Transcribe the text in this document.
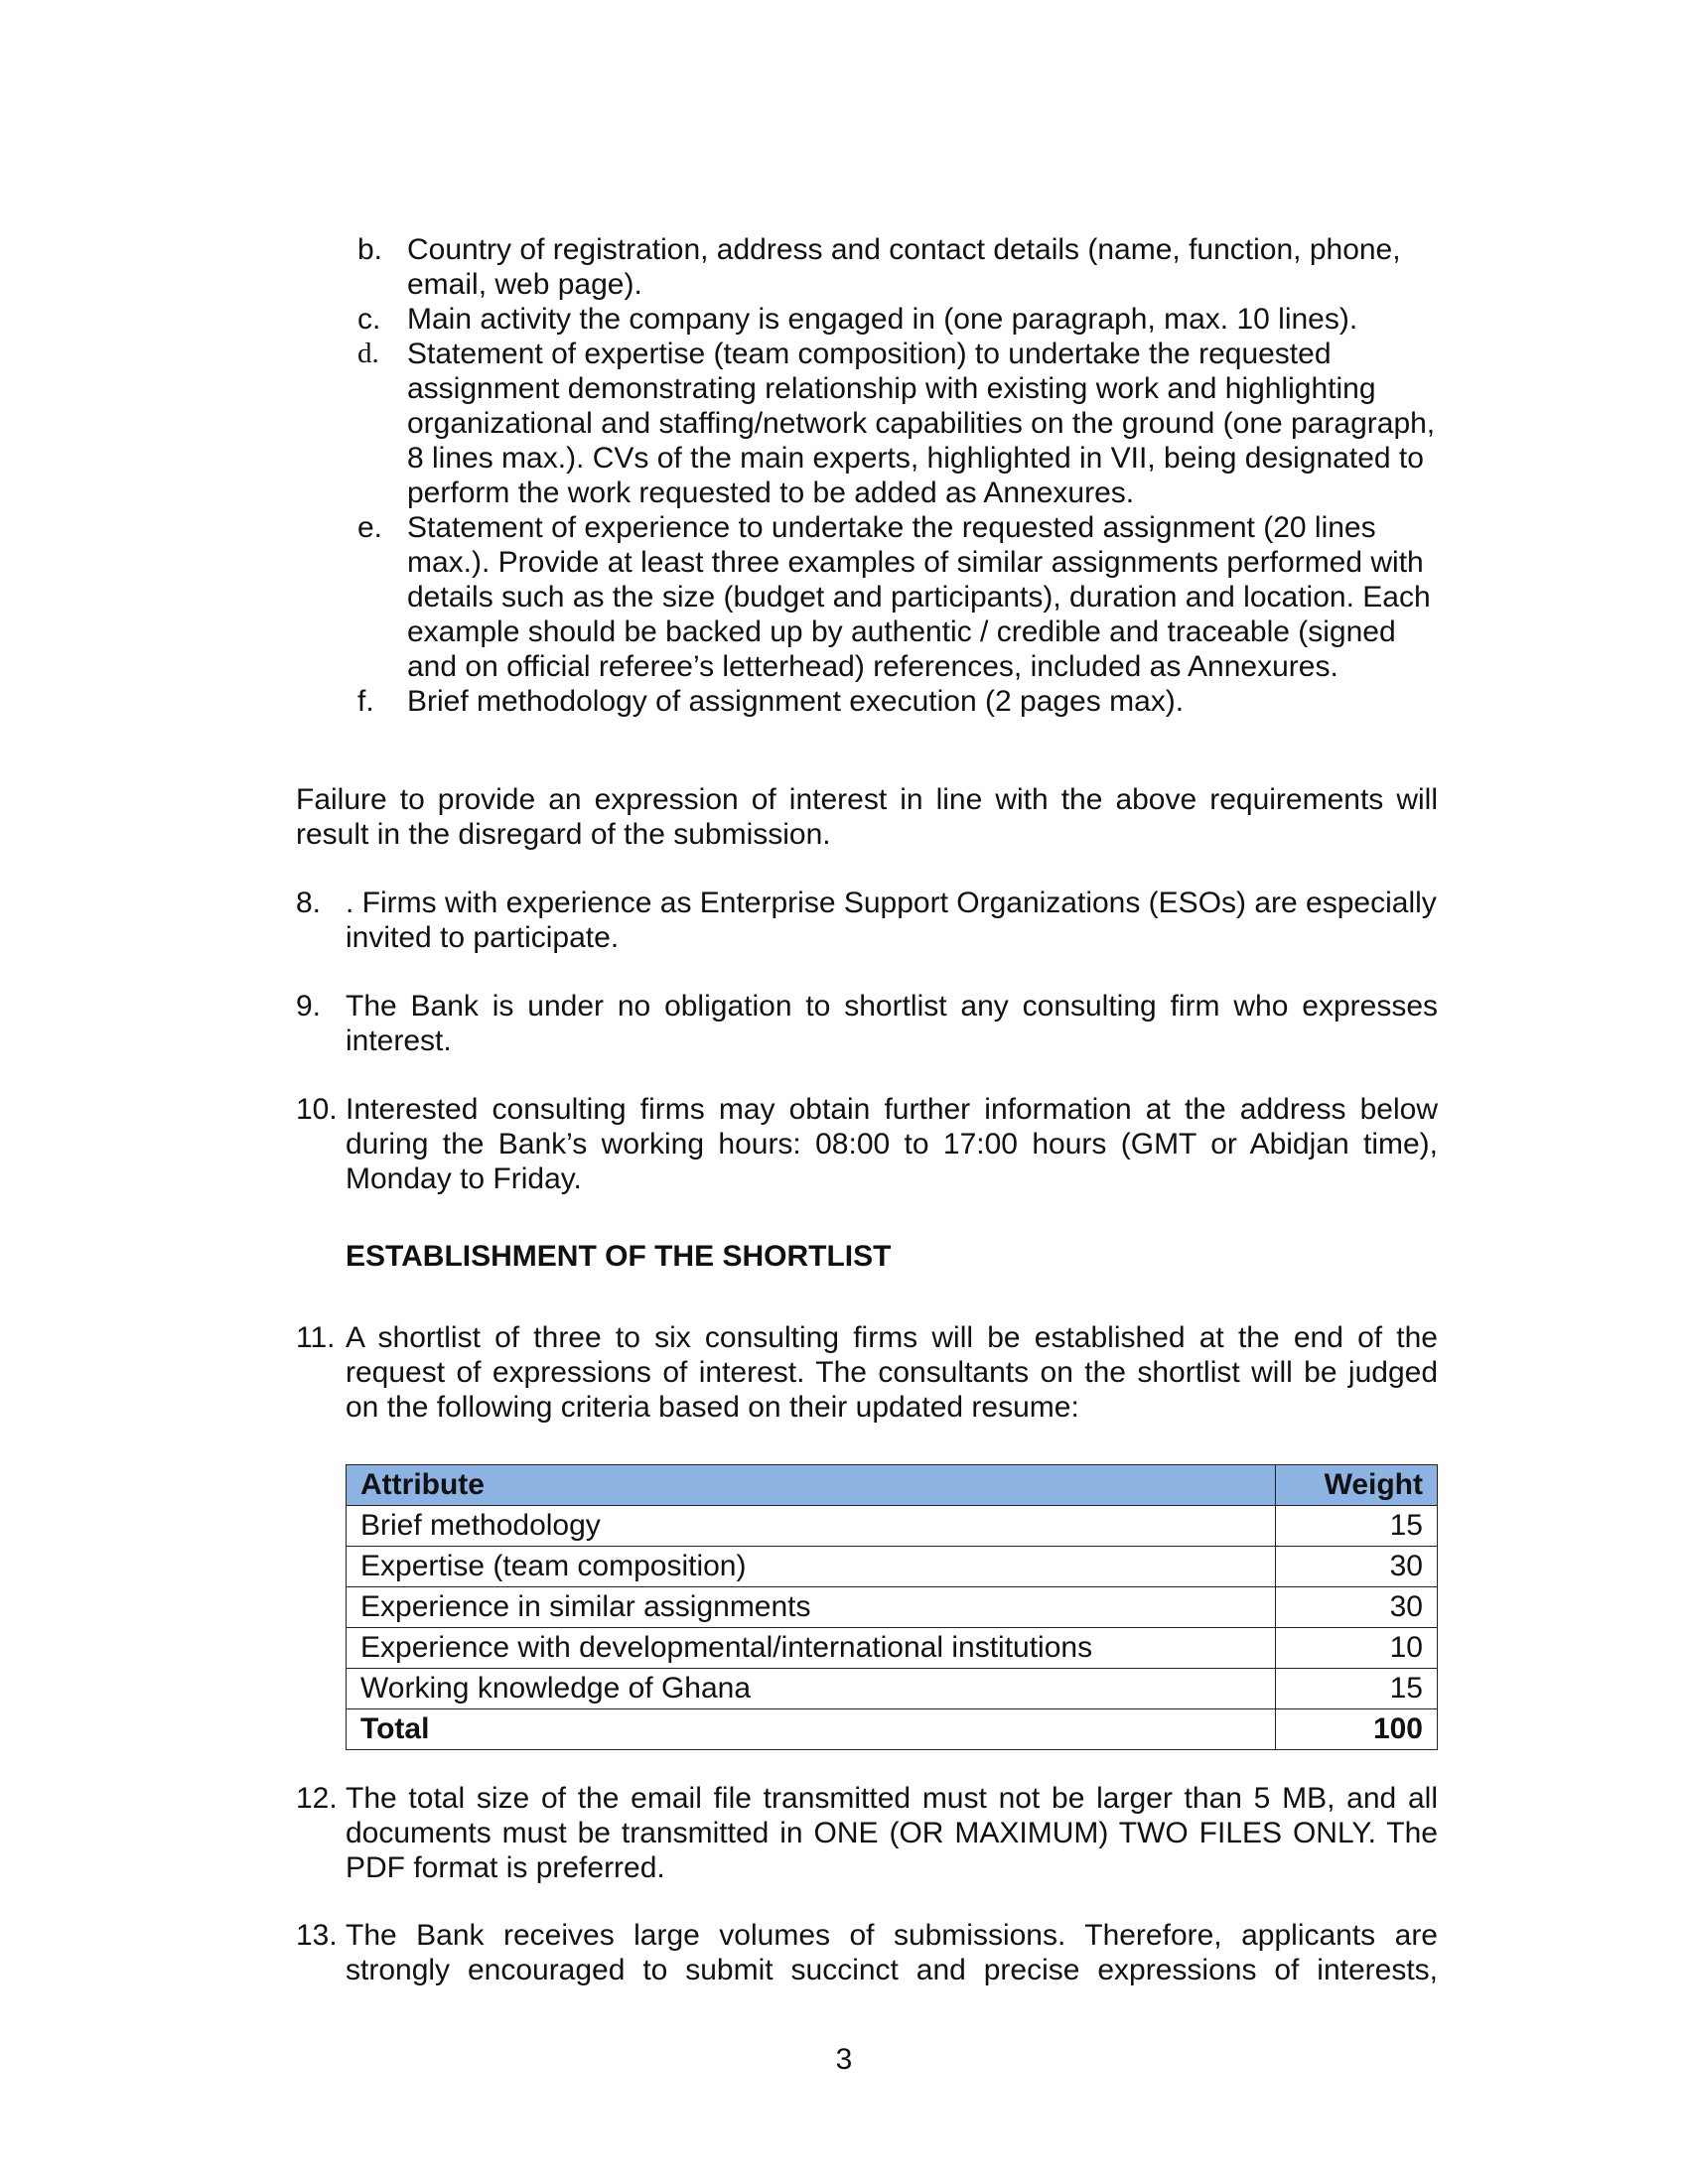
b. Country of registration, address and contact details (name, function, phone, email, web page).
c. Main activity the company is engaged in (one paragraph, max. 10 lines).
d. Statement of expertise (team composition) to undertake the requested assignment demonstrating relationship with existing work and highlighting organizational and staffing/network capabilities on the ground (one paragraph, 8 lines max.). CVs of the main experts, highlighted in VII, being designated to perform the work requested to be added as Annexures.
e. Statement of experience to undertake the requested assignment (20 lines max.). Provide at least three examples of similar assignments performed with details such as the size (budget and participants), duration and location. Each example should be backed up by authentic / credible and traceable (signed and on official referee’s letterhead) references, included as Annexures.
f. Brief methodology of assignment execution (2 pages max).
Failure to provide an expression of interest in line with the above requirements will result in the disregard of the submission.
8. . Firms with experience as Enterprise Support Organizations (ESOs) are especially invited to participate.
9. The Bank is under no obligation to shortlist any consulting firm who expresses interest.
10. Interested consulting firms may obtain further information at the address below during the Bank’s working hours: 08:00 to 17:00 hours (GMT or Abidjan time), Monday to Friday.
ESTABLISHMENT OF THE SHORTLIST
11. A shortlist of three to six consulting firms will be established at the end of the request of expressions of interest. The consultants on the shortlist will be judged on the following criteria based on their updated resume:
Attribute	Weight
Brief methodology	15
Expertise (team composition)	30
Experience in similar assignments	30
Experience with developmental/international institutions	10
Working knowledge of Ghana	15
Total	100
12. The total size of the email file transmitted must not be larger than 5 MB, and all documents must be transmitted in ONE (OR MAXIMUM) TWO FILES ONLY. The PDF format is preferred.
13. The Bank receives large volumes of submissions. Therefore, applicants are strongly encouraged to submit succinct and precise expressions of interests,
3
